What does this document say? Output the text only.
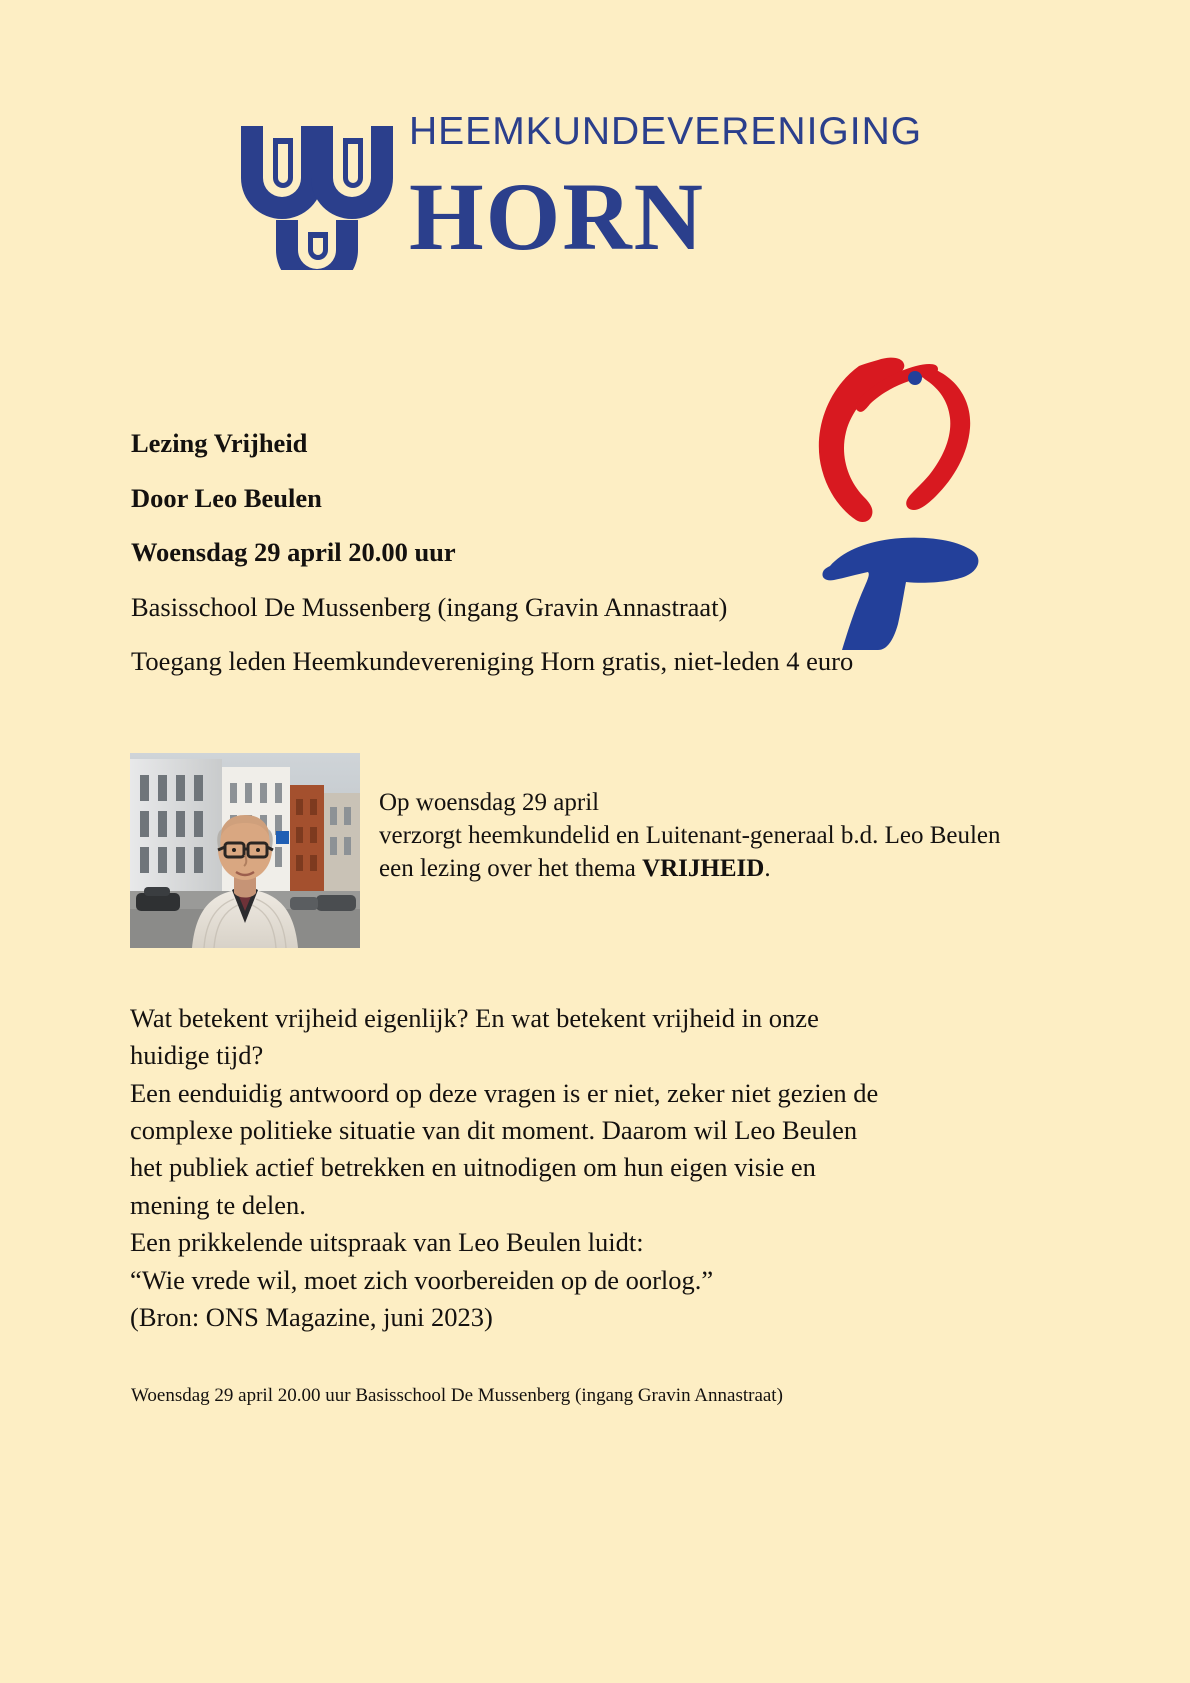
HEEMKUNDEVERENIGING
HORN
Lezing Vrijheid
Door Leo Beulen
Woensdag 29 april 20.00 uur
Basisschool De Mussenberg (ingang Gravin Annastraat)
Toegang leden Heemkundevereniging Horn gratis, niet-leden 4 euro
Op woensdag 29 april verzorgt heemkundelid en Luitenant-generaal b.d. Leo Beulen een lezing over het thema VRIJHEID.

Wat betekent vrijheid eigenlijk? En wat betekent vrijheid in onze
huidige tijd?
Een eenduidig antwoord op deze vragen is er niet, zeker niet gezien de
complexe politieke situatie van dit moment. Daarom wil Leo Beulen
het publiek actief betrekken en uitnodigen om hun eigen visie en
mening te delen.
Een prikkelende uitspraak van Leo Beulen luidt:
“Wie vrede wil, moet zich voorbereiden op de oorlog.”
(Bron: ONS Magazine, juni 2023)

Woensdag 29 april 20.00 uur Basisschool De Mussenberg (ingang Gravin Annastraat)
